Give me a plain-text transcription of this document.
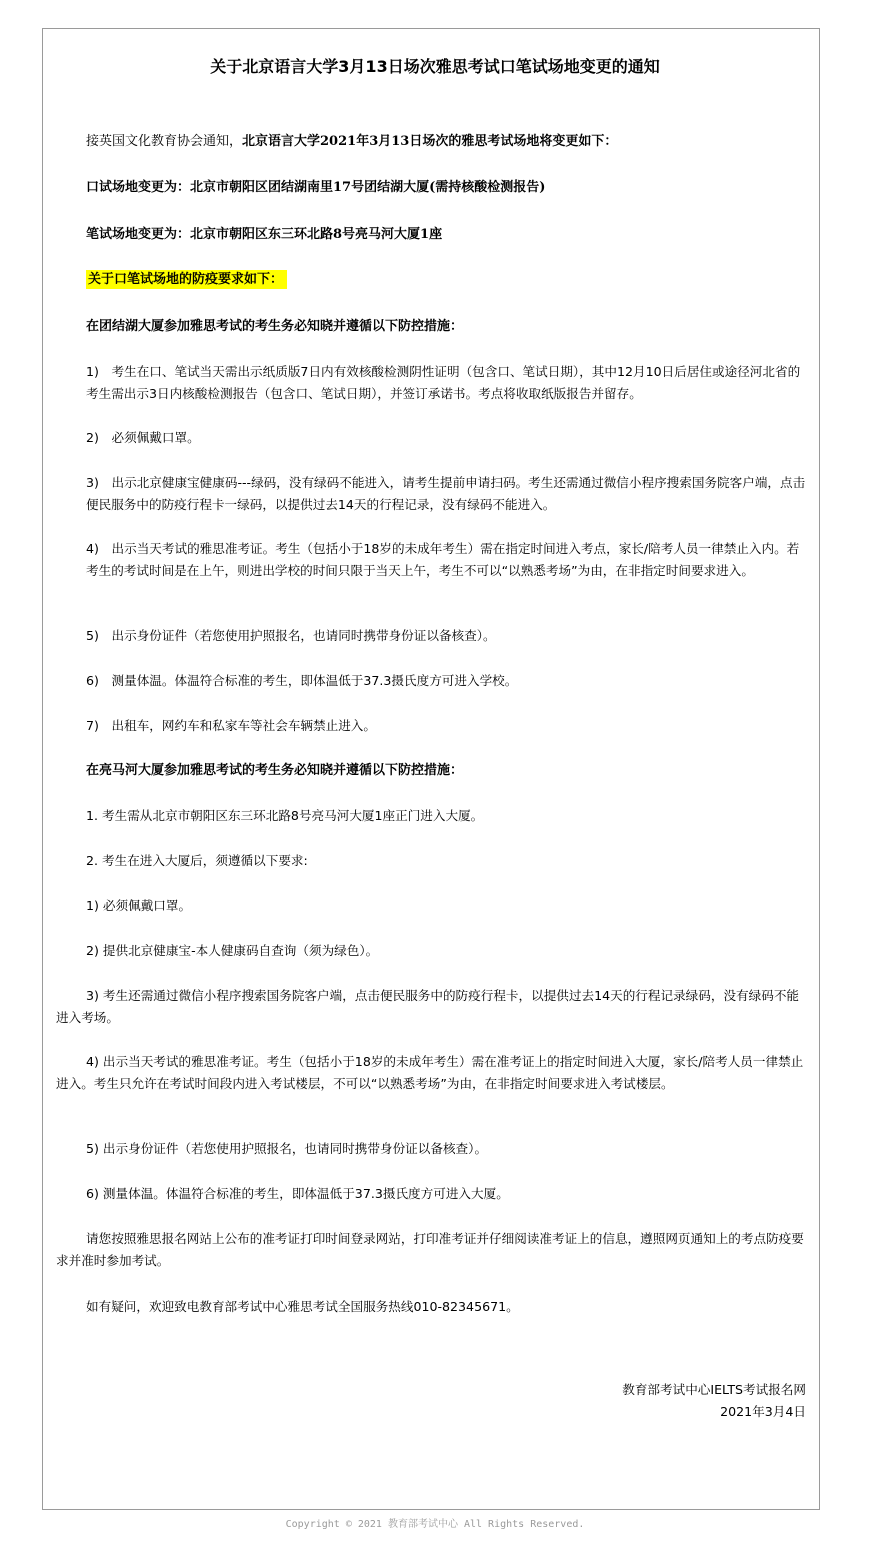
关于北京语言大学3月13日场次雅思考试口笔试场地变更的通知

接英国文化教育协会通知，北京语言大学2021年3月13日场次的雅思考试场地将变更如下：

口试场地变更为：北京市朝阳区团结湖南里17号团结湖大厦(需持核酸检测报告)

笔试场地变更为：北京市朝阳区东三环北路8号亮马河大厦1座

关于口笔试场地的防疫要求如下：

在团结湖大厦参加雅思考试的考生务必知晓并遵循以下防控措施：

1)　考生在口、笔试当天需出示纸质版7日内有效核酸检测阴性证明（包含口、笔试日期），其中12月10日后居住或途径河北省的考生需出示3日内核酸检测报告（包含口、笔试日期），并签订承诺书。考点将收取纸版报告并留存。

2)　必须佩戴口罩。

3)　出示北京健康宝健康码---绿码，没有绿码不能进入，请考生提前申请扫码。考生还需通过微信小程序搜索国务院客户端，点击便民服务中的防疫行程卡一绿码，以提供过去14天的行程记录，没有绿码不能进入。

4)　出示当天考试的雅思准考证。考生（包括小于18岁的未成年考生）需在指定时间进入考点，家长/陪考人员一律禁止入内。若考生的考试时间是在上午，则进出学校的时间只限于当天上午，考生不可以“以熟悉考场”为由，在非指定时间要求进入。

5)　出示身份证件（若您使用护照报名，也请同时携带身份证以备核查）。

6)　测量体温。体温符合标准的考生，即体温低于37.3摄氏度方可进入学校。

7)　出租车，网约车和私家车等社会车辆禁止进入。

在亮马河大厦参加雅思考试的考生务必知晓并遵循以下防控措施：

1. 考生需从北京市朝阳区东三环北路8号亮马河大厦1座正门进入大厦。

2. 考生在进入大厦后，须遵循以下要求:

1) 必须佩戴口罩。

2) 提供北京健康宝-本人健康码自查询（须为绿色）。

3) 考生还需通过微信小程序搜索国务院客户端，点击便民服务中的防疫行程卡，以提供过去14天的行程记录绿码，没有绿码不能进入考场。

4) 出示当天考试的雅思准考证。考生（包括小于18岁的未成年考生）需在准考证上的指定时间进入大厦，家长/陪考人员一律禁止进入。考生只允许在考试时间段内进入考试楼层，不可以“以熟悉考场”为由，在非指定时间要求进入考试楼层。

5) 出示身份证件（若您使用护照报名，也请同时携带身份证以备核查）。

6) 测量体温。体温符合标准的考生，即体温低于37.3摄氏度方可进入大厦。

请您按照雅思报名网站上公布的准考证打印时间登录网站，打印准考证并仔细阅读准考证上的信息，遵照网页通知上的考点防疫要求并准时参加考试。

如有疑问，欢迎致电教育部考试中心雅思考试全国服务热线010-82345671。

教育部考试中心IELTS考试报名网
2021年3月4日
Copyright © 2021 教育部考试中心 All Rights Reserved.
